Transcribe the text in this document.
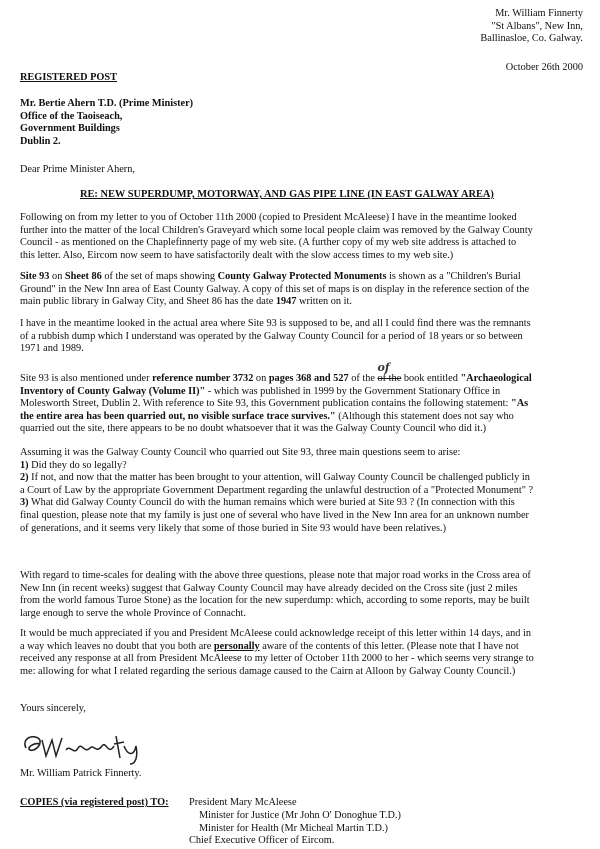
Mr. William Finnerty
"St Albans", New Inn,
Ballinasloe, Co. Galway.
October 26th 2000
REGISTERED POST
Mr. Bertie Ahern T.D. (Prime Minister)
Office of the Taoiseach,
Government Buildings
Dublin 2.
Dear Prime Minister Ahern,
RE: NEW SUPERDUMP, MOTORWAY, AND GAS PIPE LINE (IN EAST GALWAY AREA)
Following on from my letter to you of October 11th 2000 (copied to President McAleese) I have in the meantime looked
further into the matter of the local Children's Graveyard which some local people claim was removed by the Galway County
Council - as mentioned on the Chaplefinnerty page of my web site. (A further copy of my web site address is attached to
this letter. Also, Eircom now seem to have satisfactorily dealt with the slow access times to my web site.)
Site 93 on Sheet 86 of the set of maps showing County Galway Protected Monuments is shown as a "Children's Burial
Ground" in the New Inn area of East County Galway. A copy of this set of maps is on display in the reference section of the
main public library in Galway City, and Sheet 86 has the date 1947 written on it.
I have in the meantime looked in the actual area where Site 93 is supposed to be, and all I could find there was the remnants
of a rubbish dump which I understand was operated by the Galway County Council for a period of 18 years or so between
1971 and 1989.
Site 93 is also mentioned under reference number 3732 on pages 368 and 527 of the
of
of the book entitled "Archaeological
Inventory of County Galway (Volume II)" - which was published in 1999 by the Government Stationary Office in
Molesworth Street, Dublin 2. With reference to Site 93, this Government publication contains the following statement: "As
the entire area has been quarried out, no visible surface trace survives." (Although this statement does not say who
quarried out the site, there appears to be no doubt whatsoever that it was the Galway County Council who did it.)
Assuming it was the Galway County Council who quarried out Site 93, three main questions seem to arise:
1) Did they do so legally?
2) If not, and now that the matter has been brought to your attention, will Galway County Council be challenged publicly in
a Court of Law by the appropriate Government Department regarding the unlawful destruction of a "Protected Monument" ?
3) What did Galway County Council do with the human remains which were buried at Site 93 ? (In connection with this
final question, please note that my family is just one of several who have lived in the New Inn area for an unknown number
of generations, and it seems very likely that some of those buried in Site 93 would have been relatives.)
With regard to time-scales for dealing with the above three questions, please note that major road works in the Cross area of
New Inn (in recent weeks) suggest that Galway County Council may have already decided on the Cross site (just 2 miles
from the world famous Turoe Stone) as the location for the new superdump: which, according to some reports, may be built
large enough to serve the whole Province of Connacht.
It would be much appreciated if you and President McAleese could acknowledge receipt of this letter within 14 days, and in
a way which leaves no doubt that you both are personally aware of the contents of this letter. (Please note that I have not
received any response at all from President McAleese to my letter of October 11th 2000 to her - which seems very strange to
me: allowing for what I related regarding the serious damage caused to the Cairn at Alloon by Galway County Council.)
Yours sincerely,
Mr. William Patrick Finnerty.
COPIES (via registered post) TO: President Mary McAleese
Minister for Justice (Mr John O' Donoghue T.D.)
Minister for Health (Mr Micheal Martin T.D.)
Chief Executive Officer of Eircom.
